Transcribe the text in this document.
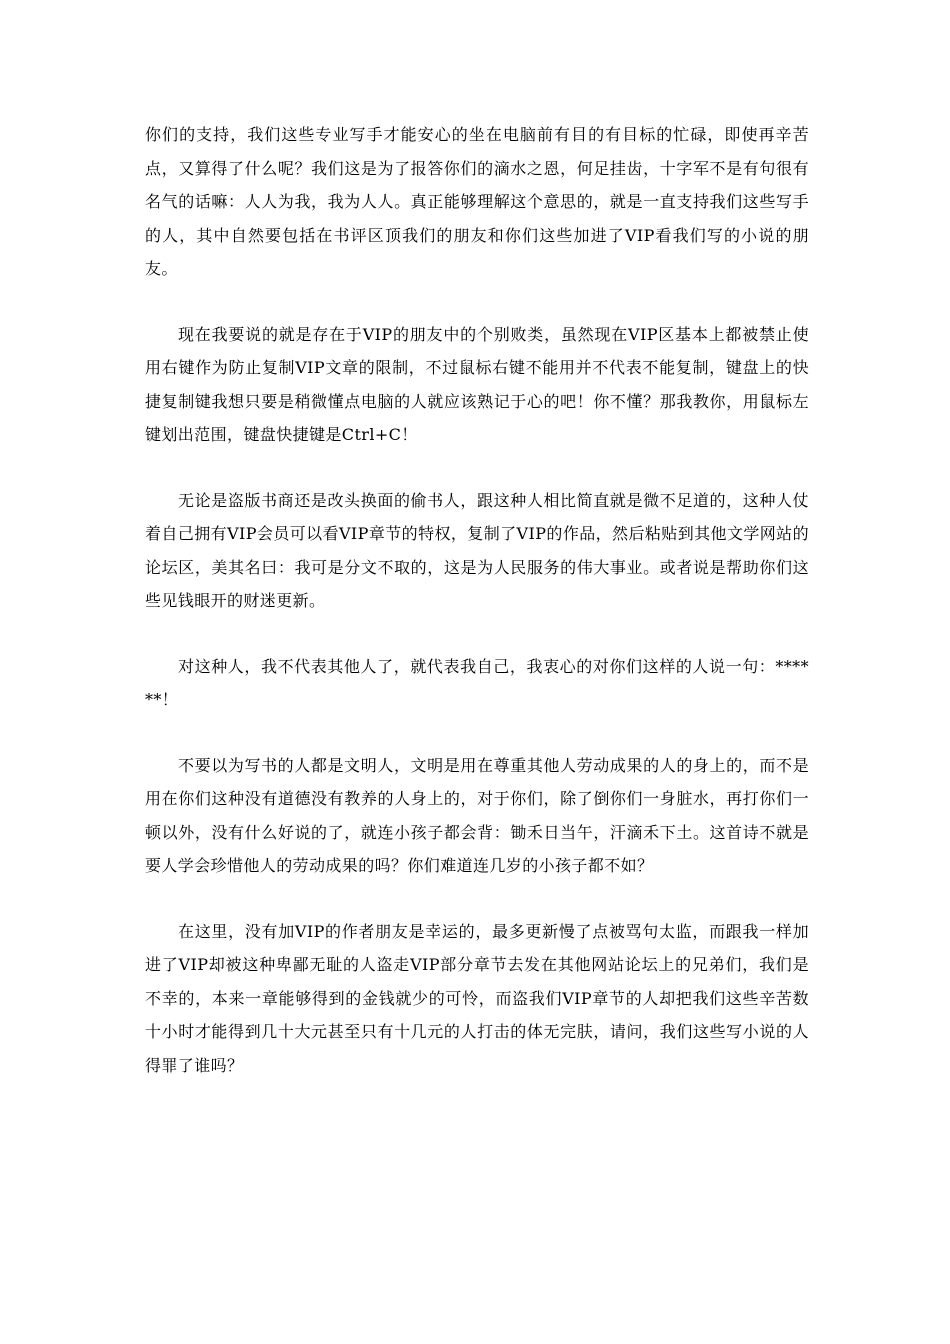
你们的支持，我们这些专业写手才能安心的坐在电脑前有目的有目标的忙碌，即使再辛苦点，又算得了什么呢？我们这是为了报答你们的滴水之恩，何足挂齿，十字军不是有句很有名气的话嘛：人人为我，我为人人。真正能够理解这个意思的，就是一直支持我们这些写手的人，其中自然要包括在书评区顶我们的朋友和你们这些加进了VIP看我们写的小说的朋友。

现在我要说的就是存在于VIP的朋友中的个别败类，虽然现在VIP区基本上都被禁止使用右键作为防止复制VIP文章的限制，不过鼠标右键不能用并不代表不能复制，键盘上的快捷复制键我想只要是稍微懂点电脑的人就应该熟记于心的吧！你不懂？那我教你，用鼠标左键划出范围，键盘快捷键是Ctrl+C！

无论是盗版书商还是改头换面的偷书人，跟这种人相比简直就是微不足道的，这种人仗着自己拥有VIP会员可以看VIP章节的特权，复制了VIP的作品，然后粘贴到其他文学网站的论坛区，美其名曰：我可是分文不取的，这是为人民服务的伟大事业。或者说是帮助你们这些见钱眼开的财迷更新。

对这种人，我不代表其他人了，就代表我自己，我衷心的对你们这样的人说一句：******！

不要以为写书的人都是文明人，文明是用在尊重其他人劳动成果的人的身上的，而不是用在你们这种没有道德没有教养的人身上的，对于你们，除了倒你们一身脏水，再打你们一顿以外，没有什么好说的了，就连小孩子都会背：锄禾日当午，汗滴禾下土。这首诗不就是要人学会珍惜他人的劳动成果的吗？你们难道连几岁的小孩子都不如？

在这里，没有加VIP的作者朋友是幸运的，最多更新慢了点被骂句太监，而跟我一样加进了VIP却被这种卑鄙无耻的人盗走VIP部分章节去发在其他网站论坛上的兄弟们，我们是不幸的，本来一章能够得到的金钱就少的可怜，而盗我们VIP章节的人却把我们这些辛苦数十小时才能得到几十大元甚至只有十几元的人打击的体无完肤，请问，我们这些写小说的人得罪了谁吗？
